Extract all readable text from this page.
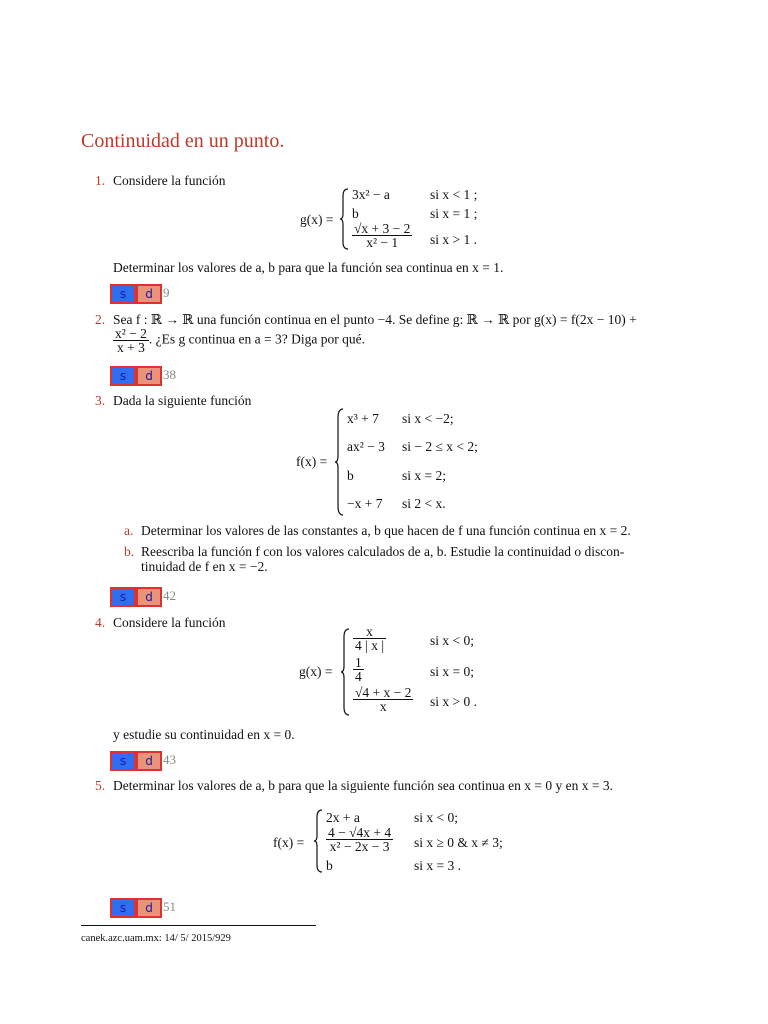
Continuidad en un punto.
1. Considere la función
g(x) =
3x² − a	si x < 1 ;
b	si x = 1 ;
$\frac{√x + 3 - 2}{\text{x² − 1}}$ si x > 1 .
Determinar los valores de a, b para que la función sea continua en x = 1.
s	d 9
2. Sea f : ℝ → ℝ una función continua en el punto −4. Se define g: ℝ → ℝ por g(x) = f(2x − 10) +
$\frac{\text{x² − 2}}{x + 3}$ . ¿Es g continua en a = 3? Diga por qué.
s	d 38
3. Dada la siguiente función
f(x) =
x³ + 7 si x < −2;
ax² − 3 si − 2 ≤ x < 2;
b	si x = 2;
−x + 7 si 2 < x.
a. Determinar los valores de las constantes a, b que hacen de f una función continua en x = 2.
b. Reescriba la función f con los valores calculados de a, b. Estudie la continuidad o discon-
tinuidad de f en x = −2.
s	d 42
4. Considere la función
g(x) =
$\frac{x}{4 | x |}$	si x < 0;
$\frac{1}{4}$	si x = 0;
$\frac{√4 + x - 2}{x}$ si x > 0 .
y estudie su continuidad en x = 0.
s	d 43
5. Determinar los valores de a, b para que la siguiente función sea continua en x = 0 y en x = 3.
f(x) =
2x + a	si x < 0;
$\frac{4 - √4x + 4}{\text{x² − 2x − 3}}$ si x ≥ 0 & x ≠ 3;
b	si x = 3 .
s	d 51
canek.azc.uam.mx: 14/ 5/ 2015/929
